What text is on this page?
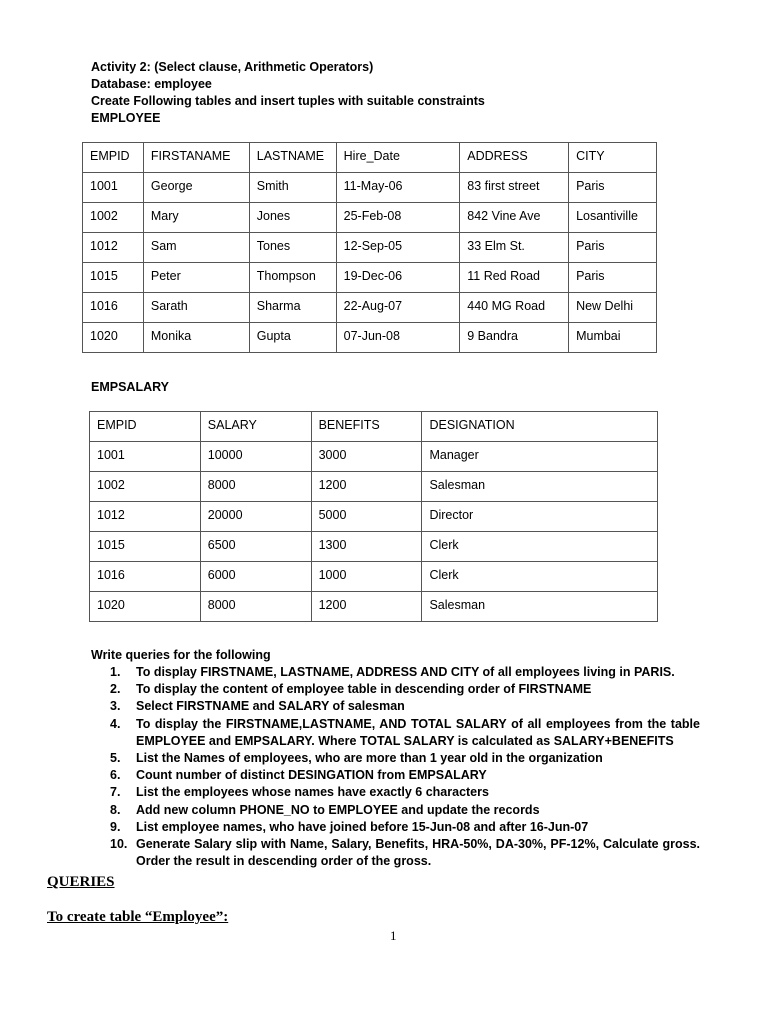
Activity 2: (Select clause, Arithmetic Operators)
Database: employee
Create Following tables and insert tuples with suitable constraints
EMPLOYEE
EMPID	FIRSTANAME	LASTNAME	Hire_Date	ADDRESS	CITY
1001	George	Smith	11-May-06	83 first street	Paris
1002	Mary	Jones	25-Feb-08	842 Vine Ave	Losantiville
1012	Sam	Tones	12-Sep-05	33 Elm St.	Paris
1015	Peter	Thompson	19-Dec-06	11 Red Road	Paris
1016	Sarath	Sharma	22-Aug-07	440 MG Road	New Delhi
1020	Monika	Gupta	07-Jun-08	9 Bandra	Mumbai
EMPSALARY
EMPID	SALARY	BENEFITS	DESIGNATION
1001	10000	3000	Manager
1002	8000	1200	Salesman
1012	20000	5000	Director
1015	6500	1300	Clerk
1016	6000	1000	Clerk
1020	8000	1200	Salesman
Write queries for the following
1. To display FIRSTNAME, LASTNAME, ADDRESS AND CITY of all employees living in PARIS.
2. To display the content of employee table in descending order of FIRSTNAME
3. Select FIRSTNAME and SALARY of salesman
4. To display the FIRSTNAME,LASTNAME, AND TOTAL SALARY of all employees from the table EMPLOYEE and EMPSALARY. Where TOTAL SALARY is calculated as SALARY+BENEFITS
5. List the Names of employees, who are more than 1 year old in the organization
6. Count number of distinct DESINGATION from EMPSALARY
7. List the employees whose names have exactly 6 characters
8. Add new column PHONE_NO to EMPLOYEE and update the records
9. List employee names, who have joined before 15-Jun-08 and after 16-Jun-07
10. Generate Salary slip with Name, Salary, Benefits, HRA-50%, DA-30%, PF-12%, Calculate gross. Order the result in descending order of the gross.
QUERIES
To create table “Employee”:
1
